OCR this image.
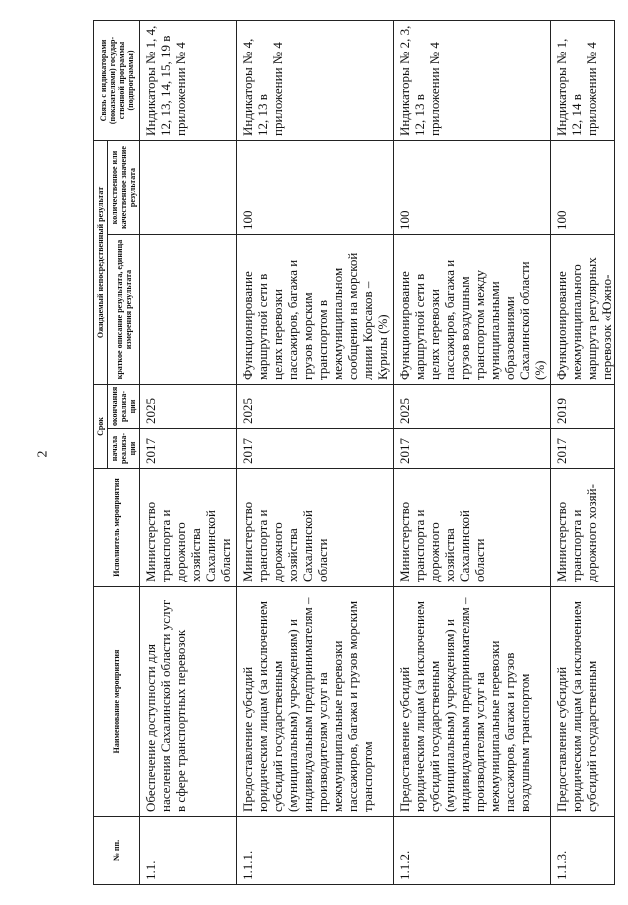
2
№ пп.	Наименование мероприятия	Исполнитель мероприятия	Срок		Ожидаемый непосредственный результат		Связь с индикаторами (показателями) государ-ственной программы (подпрограммы)
			начала реализа-ции	окончания реализа-ции	краткое описание результата, единица измерения результата	количественное или качественное значение результата	
1.1.	Обеспечение доступности для населения Сахалинской области услуг в сфере транспортных перевозок	Министерство транспорта и дорожного хозяйства Сахалинской области	2017	2025			Индикаторы № 1, 4, 12, 13, 14, 15, 19 в приложении № 4
1.1.1.	Предоставление субсидий юридическим лицам (за исключением субсидий государственным (муниципальным) учреждениям) и индивидуальным предпринимателям – производителям услуг на межмуниципальные перевозки пассажиров, багажа и грузов морским транспортом	Министерство транспорта и дорожного хозяйства Сахалинской области	2017	2025	Функционирование маршрутной сети в целях перевозки пассажиров, багажа и грузов морским транспортом в межмуниципальном сообщении на морской линии Корсаков – Курилы (%)	100	Индикаторы № 4, 12, 13 в приложении № 4
1.1.2.	Предоставление субсидий юридическим лицам (за исключением субсидий государственным (муниципальным) учреждениям) и индивидуальным предпринимателям – производителям услуг на межмуниципальные перевозки пассажиров, багажа и грузов воздушным транспортом	Министерство транспорта и дорожного хозяйства Сахалинской области	2017	2025	Функционирование маршрутной сети в целях перевозки пассажиров, багажа и грузов воздушным транспортом между муниципальными образованиями Сахалинской области (%)	100	Индикаторы № 2, 3, 12, 13 в приложении № 4
1.1.3.	Предоставление субсидий юридическим лицам (за исключением субсидий государственным	Министерство транспорта и дорожного хозяй-	2017	2019	Функционирование межмуниципального маршрута регулярных перевозок «Южно-	100	Индикаторы № 1, 12, 14 в приложении № 4
